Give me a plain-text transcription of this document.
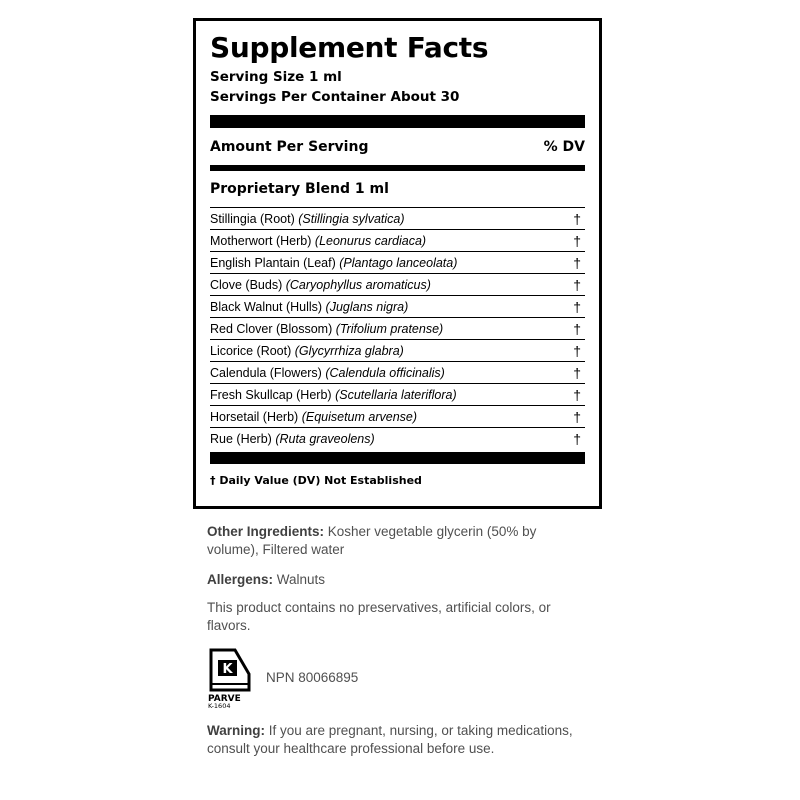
Supplement Facts
Serving Size 1 ml
Servings Per Container About 30
Amount Per Serving	% DV
Proprietary Blend 1 ml
Stillingia (Root) (Stillingia sylvatica)	†
Motherwort (Herb) (Leonurus cardiaca)	†
English Plantain (Leaf) (Plantago lanceolata)	†
Clove (Buds) (Caryophyllus aromaticus)	†
Black Walnut (Hulls) (Juglans nigra)	†
Red Clover (Blossom) (Trifolium pratense)	†
Licorice (Root) (Glycyrrhiza glabra)	†
Calendula (Flowers) (Calendula officinalis)	†
Fresh Skullcap (Herb) (Scutellaria lateriflora)	†
Horsetail (Herb) (Equisetum arvense)	†
Rue (Herb) (Ruta graveolens)	†
† Daily Value (DV) Not Established
Other Ingredients: Kosher vegetable glycerin (50% by volume), Filtered water
Allergens: Walnuts
This product contains no preservatives, artificial colors, or flavors.
K
PARVE
K-1604
NPN 80066895
Warning: If you are pregnant, nursing, or taking medications, consult your healthcare professional before use.
